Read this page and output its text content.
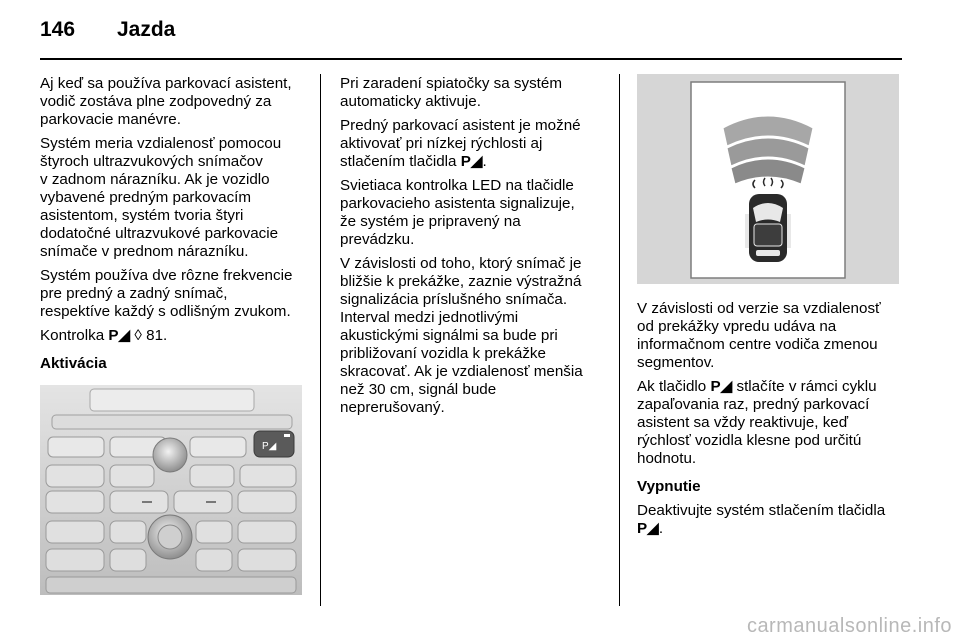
146 Jazda
Aj keď sa používa parkovací asistent,
vodič zostáva plne zodpovedný za
parkovacie manévre.
Systém meria vzdialenosť pomocou
štyroch ultrazvukových snímačov
v zadnom nárazníku. Ak je vozidlo
vybavené predným parkovacím
asistentom, systém tvoria štyri
dodatočné ultrazvukové parkovacie
snímače v prednom nárazníku.
Systém používa dve rôzne frekvencie
pre predný a zadný snímač,
respektíve každý s odlišným zvukom.
Kontrolka P◢ ◊ 81.
Aktivácia
P◢
Pri zaradení spiatočky sa systém
automaticky aktivuje.
Predný parkovací asistent je možné
aktivovať pri nízkej rýchlosti aj
stlačením tlačidla P◢.
Svietiaca kontrolka LED na tlačidle
parkovacieho asistenta signalizuje,
že systém je pripravený na
prevádzku.
V závislosti od toho, ktorý snímač je
bližšie k prekážke, zaznie výstražná
signalizácia príslušného snímača.
Interval medzi jednotlivými
akustickými signálmi sa bude pri
približovaní vozidla k prekážke
skracovať. Ak je vzdialenosť menšia
než 30 cm, signál bude
neprerušovaný.
V závislosti od verzie sa vzdialenosť
od prekážky vpredu udáva na
informačnom centre vodiča zmenou
segmentov.
Ak tlačidlo P◢ stlačíte v rámci cyklu
zapaľovania raz, predný parkovací
asistent sa vždy reaktivuje, keď
rýchlosť vozidla klesne pod určitú
hodnotu.
Vypnutie
Deaktivujte systém stlačením tlačidla
P◢.
carmanualsonline.info
